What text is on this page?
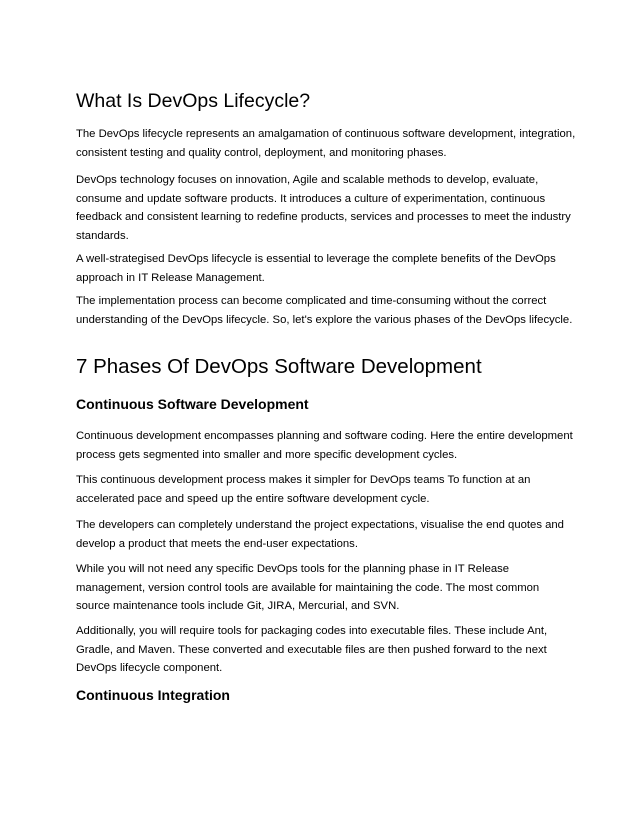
What Is DevOps Lifecycle?

The DevOps lifecycle represents an amalgamation of continuous software development, integration, consistent testing and quality control, deployment, and monitoring phases.

DevOps technology focuses on innovation, Agile and scalable methods to develop, evaluate, consume and update software products. It introduces a culture of experimentation, continuous feedback and consistent learning to redefine products, services and processes to meet the industry standards.

A well-strategised DevOps lifecycle is essential to leverage the complete benefits of the DevOps approach in IT Release Management.

The implementation process can become complicated and time-consuming without the correct understanding of the DevOps lifecycle. So, let's explore the various phases of the DevOps lifecycle.

7 Phases Of DevOps Software Development
Continuous Software Development

Continuous development encompasses planning and software coding. Here the entire development process gets segmented into smaller and more specific development cycles.

This continuous development process makes it simpler for DevOps teams To function at an accelerated pace and speed up the entire software development cycle.

The developers can completely understand the project expectations, visualise the end quotes and develop a product that meets the end-user expectations.

While you will not need any specific DevOps tools for the planning phase in IT Release management, version control tools are available for maintaining the code. The most common source maintenance tools include Git, JIRA, Mercurial, and SVN.

Additionally, you will require tools for packaging codes into executable files. These include Ant, Gradle, and Maven. These converted and executable files are then pushed forward to the next DevOps lifecycle component.

Continuous Integration
